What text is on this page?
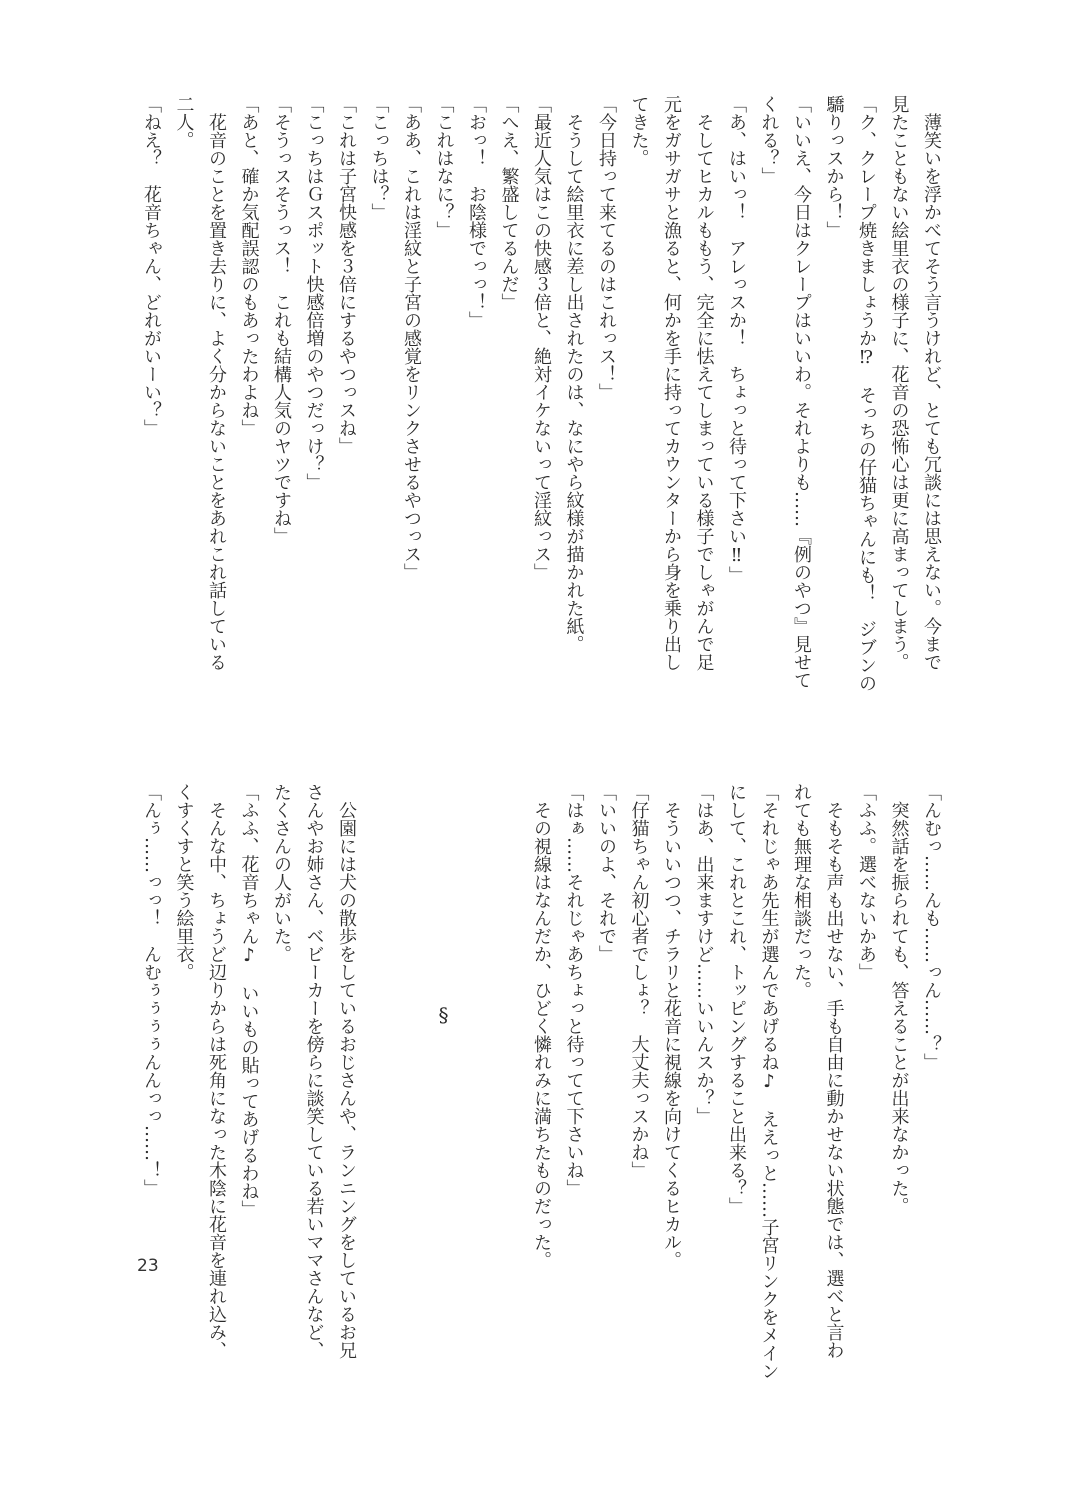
　薄笑いを浮かべてそう言うけれど、とても冗談には思えない。今まで
見たこともない絵里衣の様子に、花音の恐怖心は更に高まってしまう。
「ク、クレープ焼きましょうか⁉　そっちの仔猫ちゃんにも！　ジブンの
驕りっスから！」
「いいえ、今日はクレープはいいわ。それよりも……『例のやつ』見せて
くれる？」
「あ、はいっ！　アレっスか！　ちょっと待って下さい‼」
　そしてヒカルももう、完全に怯えてしまっている様子でしゃがんで足
元をガサガサと漁ると、何かを手に持ってカウンターから身を乗り出し
てきた。
「今日持って来てるのはこれっス！」
　そうして絵里衣に差し出されたのは、なにやら紋様が描かれた紙。
「最近人気はこの快感３倍と、絶対イケないって淫紋っス」
「へえ、繁盛してるんだ」
「おっ！　お陰様でっっ！」
「これはなに？」
「ああ、これは淫紋と子宮の感覚をリンクさせるやつっス」
「こっちは？」
「これは子宮快感を３倍にするやつっスね」
「こっちはＧスポット快感倍増のやつだっけ？」
「そうっスそうっス！　これも結構人気のヤツですね」
「あと、確か気配誤認のもあったわよね」
　花音のことを置き去りに、よく分からないことをあれこれ話している
二人。
「ねえ？　花音ちゃん、どれがいーい？」
「んむっ……んも……っん……？」
　突然話を振られても、答えることが出来なかった。
「ふふ。選べないかあ」
　そもそも声も出せない、手も自由に動かせない状態では、選べと言わ
れても無理な相談だった。
「それじゃあ先生が選んであげるね♪　ええっと……子宮リンクをメイン
にして、これとこれ、トッピングすること出来る？」
「はあ、出来ますけど……いいんスか？」
　そういいつつ、チラリと花音に視線を向けてくるヒカル。
「仔猫ちゃん初心者でしょ？　大丈夫っスかね」
「いいのよ、それで」
「はぁ……それじゃあちょっと待ってて下さいね」
　その視線はなんだか、ひどく憐れみに満ちたものだった。
§
　公園には犬の散歩をしているおじさんや、ランニングをしているお兄
さんやお姉さん、ベビーカーを傍らに談笑している若いママさんなど、
たくさんの人がいた。
「ふふ、花音ちゃん♪　いいもの貼ってあげるわね」
　そんな中、ちょうど辺りからは死角になった木陰に花音を連れ込み、
くすくすと笑う絵里衣。
「んぅ……っっ！　んむぅぅぅぅんんっっ……！」
23
